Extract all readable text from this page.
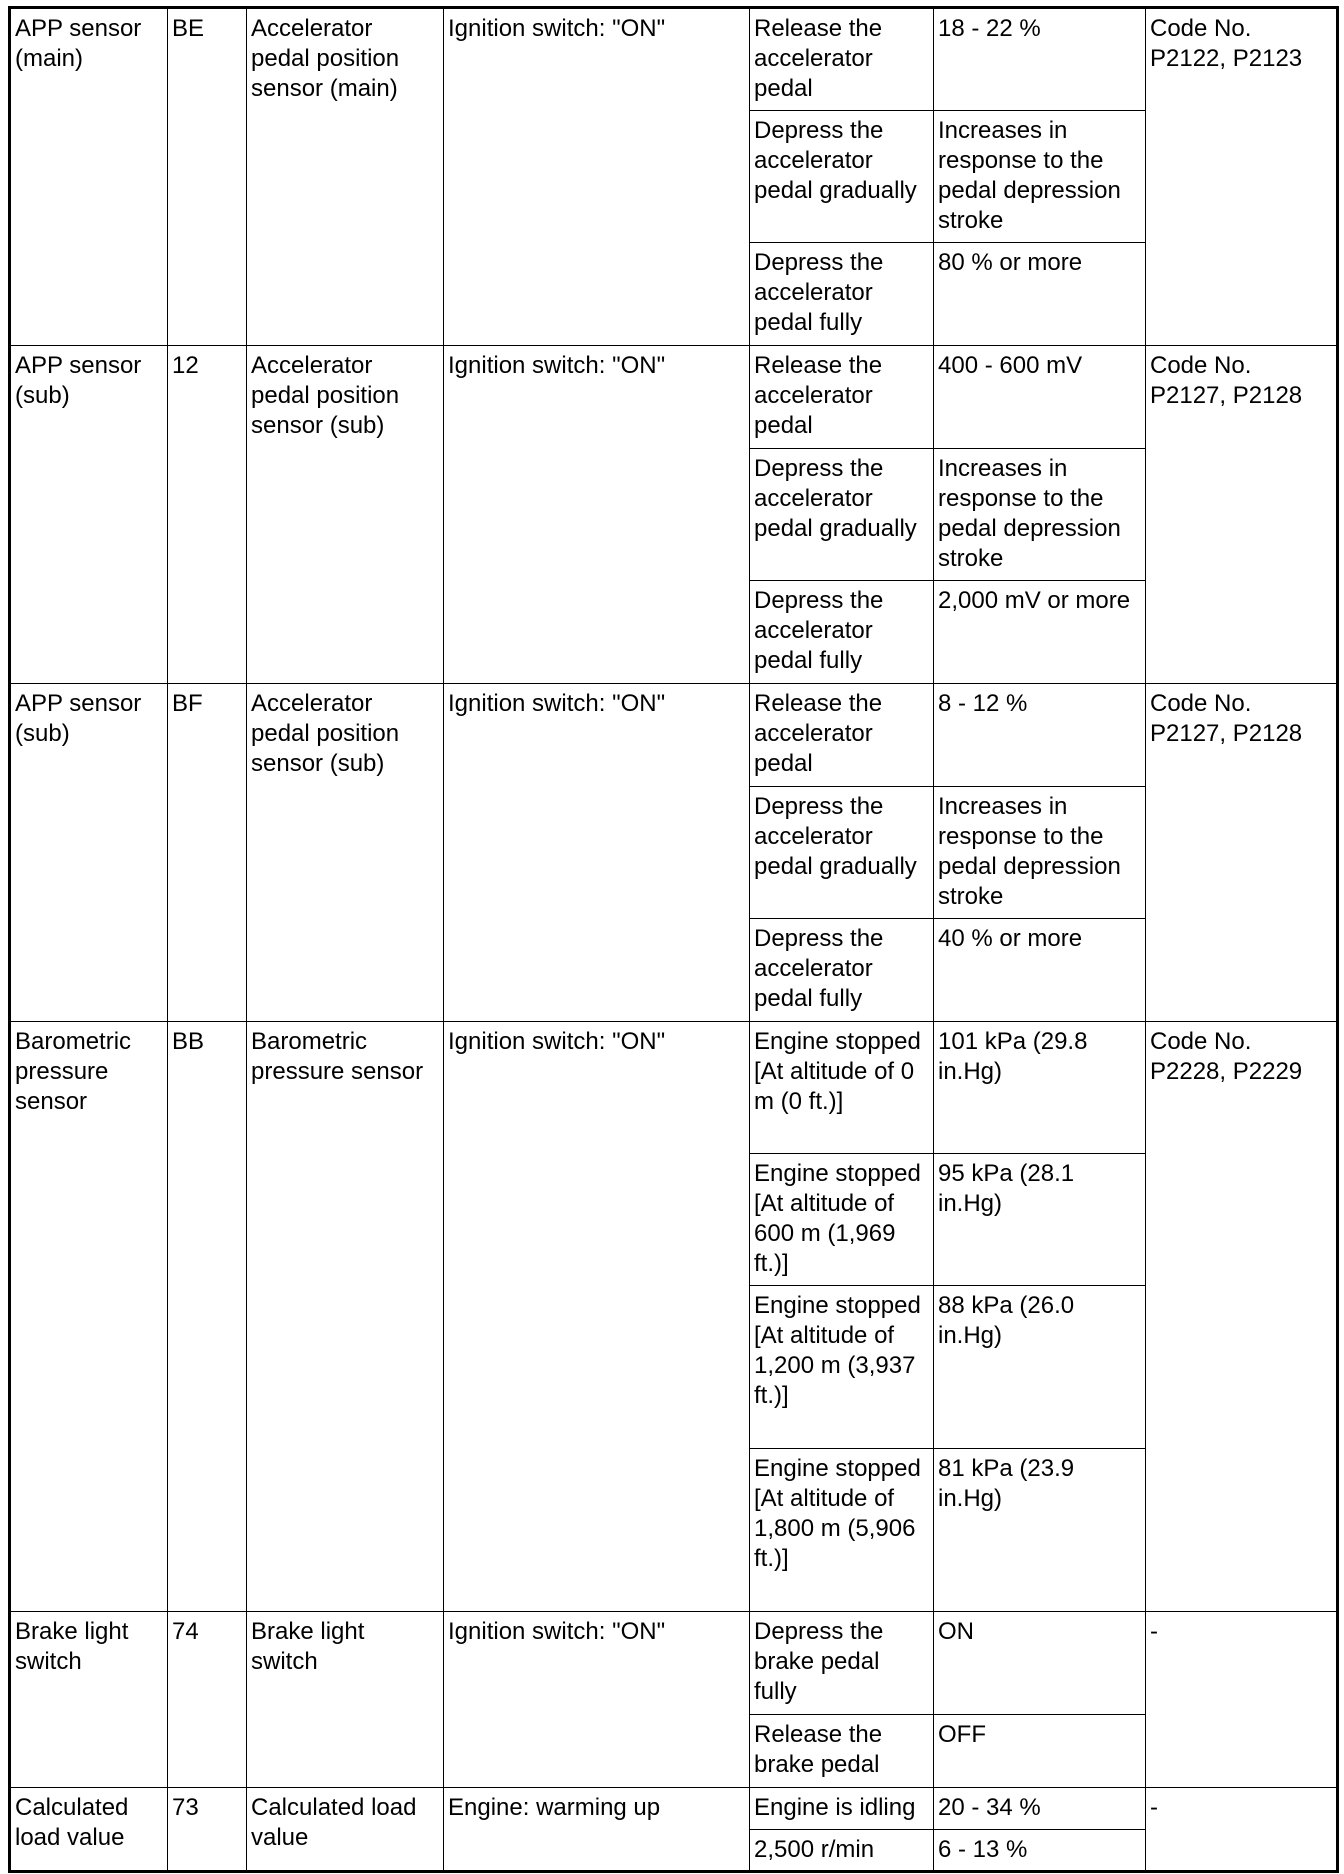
APP sensor (main)	BE	Accelerator pedal position sensor (main)	Ignition switch: "ON"	Release the accelerator pedal	18 - 22 %	Code No. P2122, P2123
				Depress the accelerator pedal gradually	Increases in response to the pedal depression stroke	
				Depress the accelerator pedal fully	80 % or more	
APP sensor (sub)	12	Accelerator pedal position sensor (sub)	Ignition switch: "ON"	Release the accelerator pedal	400 - 600 mV	Code No. P2127, P2128
				Depress the accelerator pedal gradually	Increases in response to the pedal depression stroke	
				Depress the accelerator pedal fully	2,000 mV or more	
APP sensor (sub)	BF	Accelerator pedal position sensor (sub)	Ignition switch: "ON"	Release the accelerator pedal	8 - 12 %	Code No. P2127, P2128
				Depress the accelerator pedal gradually	Increases in response to the pedal depression stroke	
				Depress the accelerator pedal fully	40 % or more	
Barometric pressure sensor	BB	Barometric pressure sensor	Ignition switch: "ON"	Engine stopped [At altitude of 0 m (0 ft.)]	101 kPa (29.8 in.Hg)	Code No. P2228, P2229
				Engine stopped [At altitude of 600 m (1,969 ft.)]	95 kPa (28.1 in.Hg)	
				Engine stopped [At altitude of 1,200 m (3,937 ft.)]	88 kPa (26.0 in.Hg)	
				Engine stopped [At altitude of 1,800 m (5,906 ft.)]	81 kPa (23.9 in.Hg)	
Brake light switch	74	Brake light switch	Ignition switch: "ON"	Depress the brake pedal fully	ON	-
				Release the brake pedal	OFF	
Calculated load value	73	Calculated load value	Engine: warming up	Engine is idling	20 - 34 %	-
				2,500 r/min	6 - 13 %	
